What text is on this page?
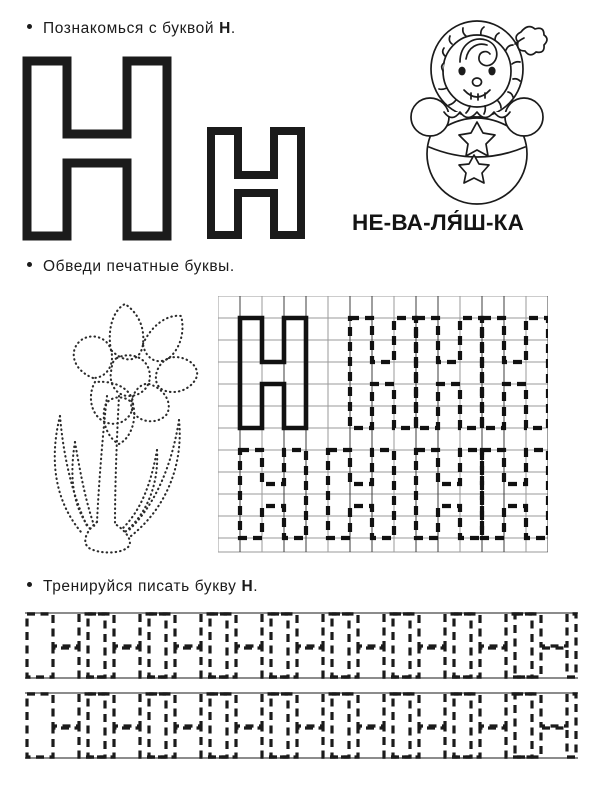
Познакомься с буквой Н .
НЕ-ВА-ЛЯ́Ш-КА
Обведи печатные буквы.
Тренируйся писать букву Н .
